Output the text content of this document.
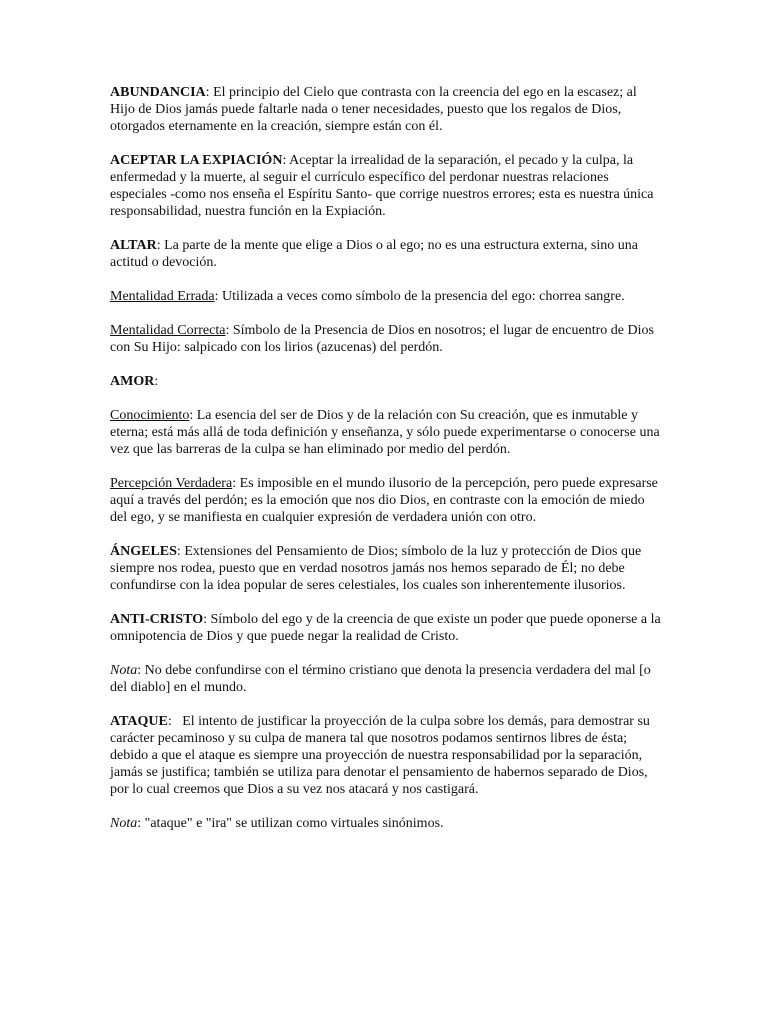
ABUNDANCIA: El principio del Cielo que contrasta con la creencia del ego en la escasez; al Hijo de Dios jamás puede faltarle nada o tener necesidades, puesto que los regalos de Dios, otorgados eternamente en la creación, siempre están con él.

ACEPTAR LA EXPIACIÓN: Aceptar la irrealidad de la separación, el pecado y la culpa, la enfermedad y la muerte, al seguir el currículo específico del perdonar nuestras relaciones especiales -como nos enseña el Espíritu Santo- que corrige nuestros errores; esta es nuestra única responsabilidad, nuestra función en la Expiación.

ALTAR: La parte de la mente que elige a Dios o al ego; no es una estructura externa, sino una actitud o devoción.

Mentalidad Errada: Utilizada a veces como símbolo de la presencia del ego: chorrea sangre.

Mentalidad Correcta: Símbolo de la Presencia de Dios en nosotros; el lugar de encuentro de Dios con Su Hijo: salpicado con los lirios (azucenas) del perdón.

AMOR:

Conocimiento: La esencia del ser de Dios y de la relación con Su creación, que es inmutable y eterna; está más allá de toda definición y enseñanza, y sólo puede experimentarse o conocerse una vez que las barreras de la culpa se han eliminado por medio del perdón.

Percepción Verdadera: Es imposible en el mundo ilusorio de la percepción, pero puede expresarse aquí a través del perdón; es la emoción que nos dio Dios, en contraste con la emoción de miedo del ego, y se manifiesta en cualquier expresión de verdadera unión con otro.

ÁNGELES: Extensiones del Pensamiento de Dios; símbolo de la luz y protección de Dios que siempre nos rodea, puesto que en verdad nosotros jamás nos hemos separado de Él; no debe confundirse con la idea popular de seres celestiales, los cuales son inherentemente ilusorios.

ANTI-CRISTO: Símbolo del ego y de la creencia de que existe un poder que puede oponerse a la omnipotencia de Dios y que puede negar la realidad de Cristo.

Nota: No debe confundirse con el término cristiano que denota la presencia verdadera del mal [o del diablo] en el mundo.

ATAQUE:   El intento de justificar la proyección de la culpa sobre los demás, para demostrar su carácter pecaminoso y su culpa de manera tal que nosotros podamos sentirnos libres de ésta; debido a que el ataque es siempre una proyección de nuestra responsabilidad por la separación, jamás se justifica; también se utiliza para denotar el pensamiento de habernos separado de Dios, por lo cual creemos que Dios a su vez nos atacará y nos castigará.

Nota: "ataque" e "ira" se utilizan como virtuales sinónimos.
